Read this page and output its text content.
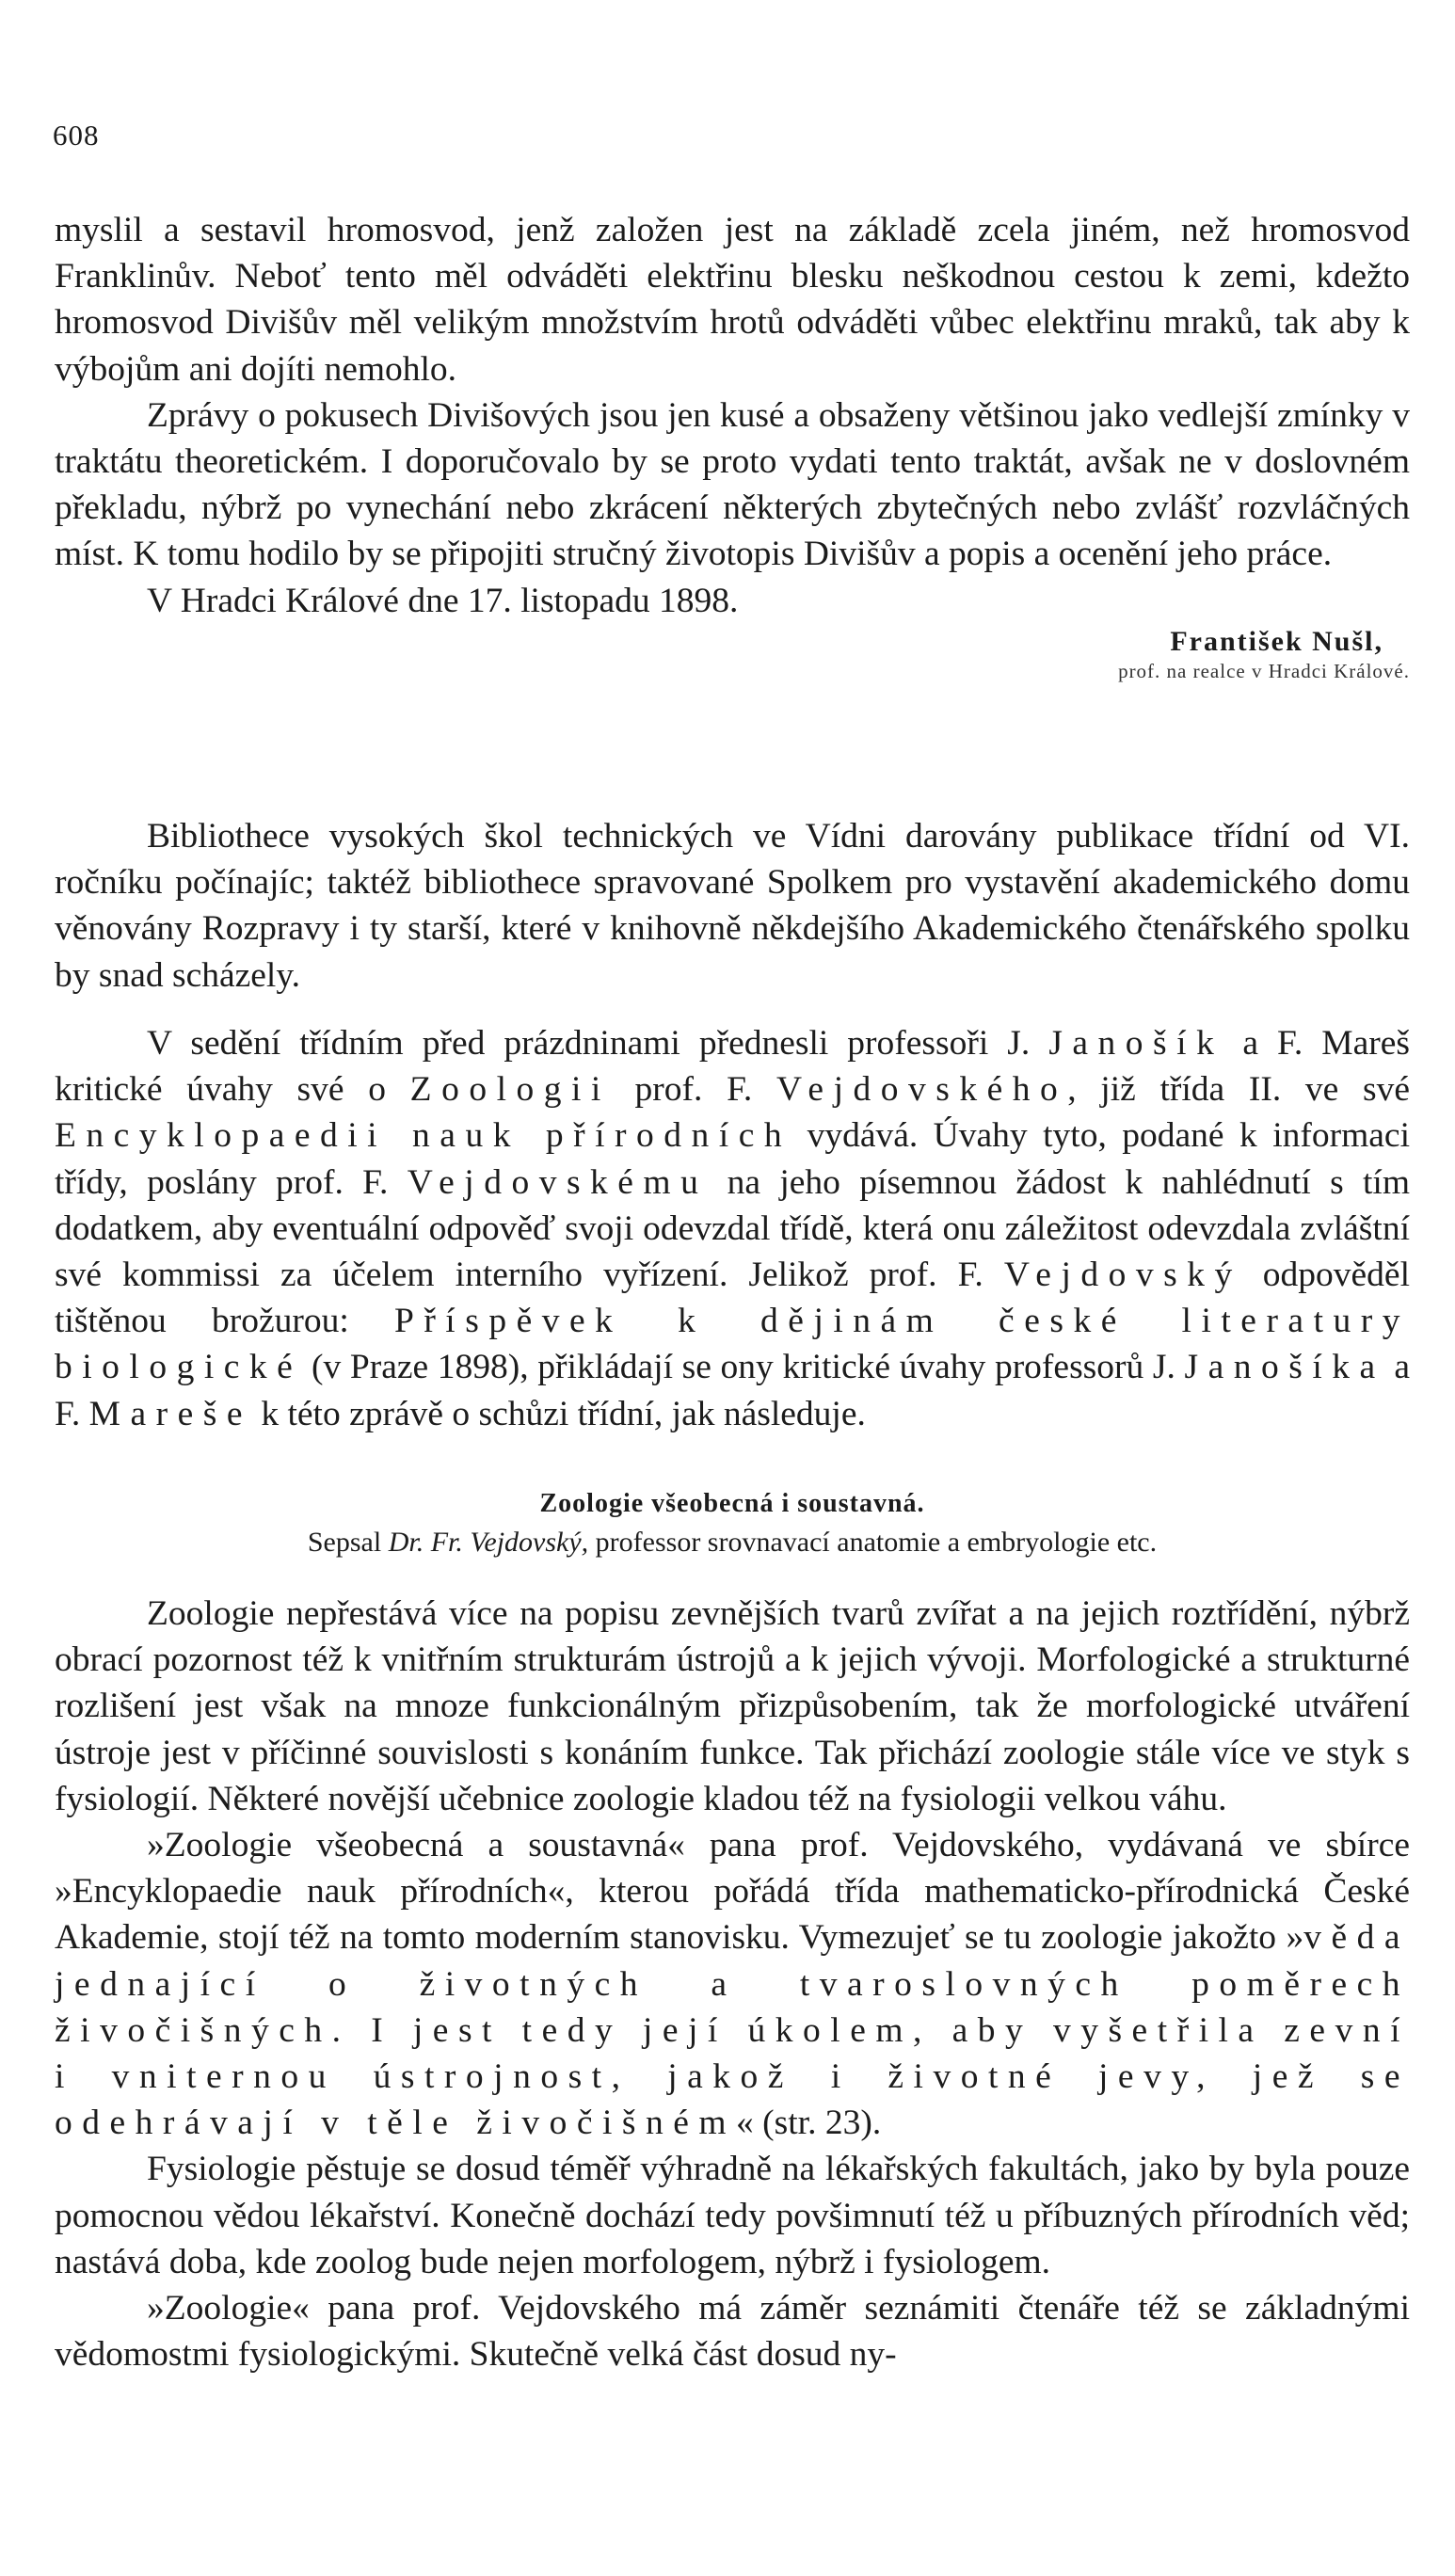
608

myslil a sestavil hromosvod, jenž založen jest na základě zcela jiném, než hromosvod Franklinův. Neboť tento měl odváděti elektřinu blesku neškodnou cestou k zemi, kdežto hromosvod Divišův měl velikým množstvím hrotů odváděti vůbec elektřinu mraků, tak aby k výbojům ani dojíti nemohlo.

Zprávy o pokusech Divišových jsou jen kusé a obsaženy většinou jako vedlejší zmínky v traktátu theoretickém. I doporučovalo by se proto vydati tento traktát, avšak ne v doslovném překladu, nýbrž po vynechání nebo zkrácení některých zbytečných nebo zvlášť rozvláčných míst. K tomu hodilo by se připojiti stručný životopis Divišův a popis a ocenění jeho práce.

V Hradci Králové dne 17. listopadu 1898.

František Nušl,

prof. na realce v Hradci Králové.

Bibliothece vysokých škol technických ve Vídni darovány publikace třídní od VI. ročníku počínajíc; taktéž bibliothece spravované Spolkem pro vystavění akademického domu věnovány Rozpravy i ty starší, které v knihovně někdejšího Akademického čtenářského spolku by snad scházely.

V sedění třídním před prázdninami přednesli professoři J. Janošík a F. Mareš kritické úvahy své o Zoologii prof. F. Vejdovského, již třída II. ve své Encyklopaedii nauk přírodních vydává. Úvahy tyto, podané k informaci třídy, poslány prof. F. Vejdovskému na jeho písemnou žádost k nahlédnutí s tím dodatkem, aby eventuální odpověď svoji odevzdal třídě, která onu záležitost odevzdala zvláštní své kommissi za účelem interního vyřízení. Jelikož prof. F. Vejdovský odpověděl tištěnou brožurou: Příspěvek k dějinám české literatury biologické (v Praze 1898), přikládají se ony kritické úvahy professorů J. Janošíka a F. Mareše k této zprávě o schůzi třídní, jak následuje.

Zoologie všeobecná i soustavná.

Sepsal Dr. Fr. Vejdovský, professor srovnavací anatomie a embryologie etc.

Zoologie nepřestává více na popisu zevnějších tvarů zvířat a na jejich roztřídění, nýbrž obrací pozornost též k vnitřním strukturám ústrojů a k jejich vývoji. Morfologické a strukturné rozlišení jest však na mnoze funkcionálným přizpůsobením, tak že morfologické utváření ústroje jest v příčinné souvislosti s konáním funkce. Tak přichází zoologie stále více ve styk s fysiologií. Některé novější učebnice zoologie kladou též na fysiologii velkou váhu.

»Zoologie všeobecná a soustavná« pana prof. Vejdovského, vydávaná ve sbírce »Encyklopaedie nauk přírodních«, kterou pořádá třída mathematicko-přírodnická České Akademie, stojí též na tomto moderním stanovisku. Vymezujeť se tu zoologie jakožto »věda jednající o životných a tvaroslovných poměrech živočišných. I jest tedy její úkolem, aby vyšetřila zevní i vniternou ústrojnost, jakož i životné jevy, jež se odehrávají v těle živočišném« (str. 23).

Fysiologie pěstuje se dosud téměř výhradně na lékařských fakultách, jako by byla pouze pomocnou vědou lékařství. Konečně dochází tedy povšimnutí též u příbuzných přírodních věd; nastává doba, kde zoolog bude nejen morfologem, nýbrž i fysiologem.

»Zoologie« pana prof. Vejdovského má záměr seznámiti čtenáře též se základnými vědomostmi fysiologickými. Skutečně velká část dosud ny-
